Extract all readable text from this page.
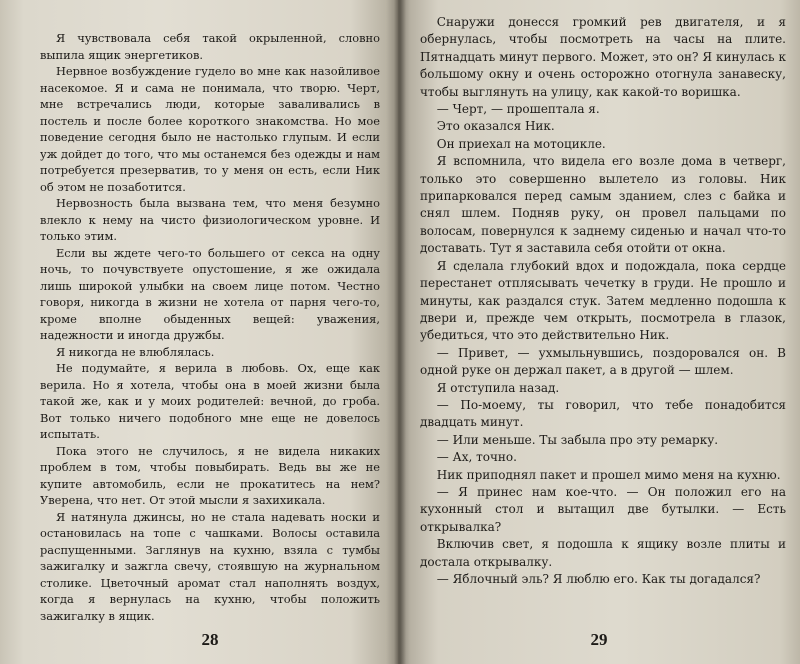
Я чувствовала себя такой окрыленной, словно выпила ящик энергетиков.

Нервное возбуждение гудело во мне как назойливое насекомое. Я и сама не понимала, что творю. Черт, мне встречались люди, которые заваливались в постель и после более короткого знакомства. Но мое поведение сегодня было не настолько глупым. И если уж дойдет до того, что мы останемся без одежды и нам потребуется презерватив, то у меня он есть, если Ник об этом не позаботится.

Нервозность была вызвана тем, что меня безумно влекло к нему на чисто физиологическом уровне. И только этим.

Если вы ждете чего-то большего от секса на одну ночь, то почувствуете опустошение, я же ожидала лишь широкой улыбки на своем лице потом. Честно говоря, никогда в жизни не хотела от парня чего-то, кроме вполне обыденных вещей: уважения, надежности и иногда дружбы.

Я никогда не влюблялась.

Не подумайте, я верила в любовь. Ох, еще как верила. Но я хотела, чтобы она в моей жизни была такой же, как и у моих родителей: вечной, до гроба. Вот только ничего подобного мне еще не довелось испытать.

Пока этого не случилось, я не видела никаких проблем в том, чтобы повыбирать. Ведь вы же не купите автомобиль, если не прокатитесь на нем? Уверена, что нет. От этой мысли я захихикала.

Я натянула джинсы, но не стала надевать носки и остановилась на топе с чашками. Волосы оставила распущенными. Заглянув на кухню, взяла с тумбы зажигалку и зажгла свечу, стоявшую на журнальном столике. Цветочный аромат стал наполнять воздух, когда я вернулась на кухню, чтобы положить зажигалку в ящик.

28

Снаружи донесся громкий рев двигателя, и я обернулась, чтобы посмотреть на часы на плите. Пятнадцать минут первого. Может, это он? Я кинулась к большому окну и очень осторожно отогнула занавеску, чтобы выглянуть на улицу, как какой-то воришка.

— Черт, — прошептала я.

Это оказался Ник.

Он приехал на мотоцикле.

Я вспомнила, что видела его возле дома в четверг, только это совершенно вылетело из головы. Ник припарковался перед самым зданием, слез с байка и снял шлем. Подняв руку, он провел пальцами по волосам, повернулся к заднему сиденью и начал что-то доставать. Тут я заставила себя отойти от окна.

Я сделала глубокий вдох и подождала, пока сердце перестанет отплясывать чечетку в груди. Не прошло и минуты, как раздался стук. Затем медленно подошла к двери и, прежде чем открыть, посмотрела в глазок, убедиться, что это действительно Ник.

— Привет, — ухмыльнувшись, поздоровался он. В одной руке он держал пакет, а в другой — шлем.

Я отступила назад.

— По-моему, ты говорил, что тебе понадобится двадцать минут.

— Или меньше. Ты забыла про эту ремарку.

— Ах, точно.

Ник приподнял пакет и прошел мимо меня на кухню.

— Я принес нам кое-что. — Он положил его на кухонный стол и вытащил две бутылки. — Есть открывалка?

Включив свет, я подошла к ящику возле плиты и достала открывалку.

— Яблочный эль? Я люблю его. Как ты догадался?

29
